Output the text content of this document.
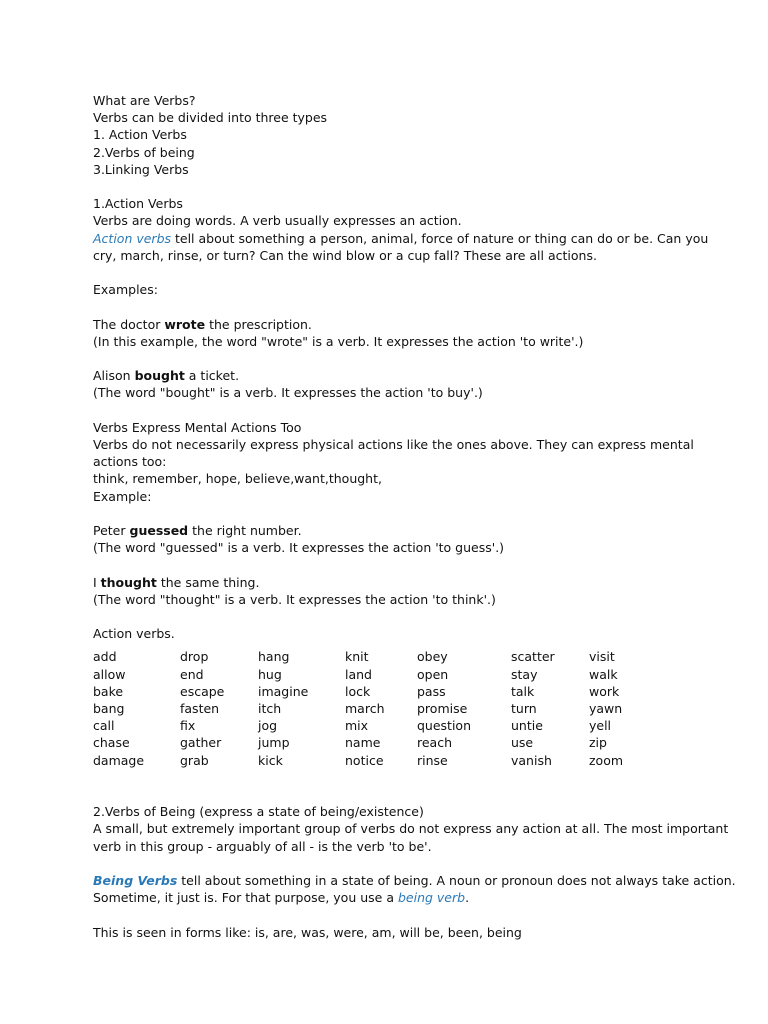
What are Verbs?
Verbs can be divided into three types
1. Action Verbs
2.Verbs of being
3.Linking Verbs
1.Action Verbs
Verbs are doing words. A verb usually expresses an action.
Action verbs tell about something a person, animal, force of nature or thing can do or be. Can you
cry, march, rinse, or turn? Can the wind blow or a cup fall? These are all actions.
Examples:
The doctor wrote the prescription.
(In this example, the word "wrote" is a verb. It expresses the action 'to write'.)
Alison bought a ticket.
(The word "bought" is a verb. It expresses the action 'to buy'.)
Verbs Express Mental Actions Too
Verbs do not necessarily express physical actions like the ones above. They can express mental
actions too:
think, remember, hope, believe,want,thought,
Example:
Peter guessed the right number.
(The word "guessed" is a verb. It expresses the action 'to guess'.)
I thought the same thing.
(The word "thought" is a verb. It expresses the action 'to think'.)
Action verbs.
add	drop	hang	knit	obey	scatter	visit
allow	end	hug	land	open	stay	walk
bake	escape	imagine	lock	pass	talk	work
bang	fasten	itch	march	promise	turn	yawn
call	fix	jog	mix	question	untie	yell
chase	gather	jump	name	reach	use	zip
damage	grab	kick	notice	rinse	vanish	zoom
2.Verbs of Being (express a state of being/existence)
A small, but extremely important group of verbs do not express any action at all. The most important
verb in this group - arguably of all - is the verb 'to be'.
Being Verbs tell about something in a state of being. A noun or pronoun does not always take action.
Sometime, it just is. For that purpose, you use a being verb.
This is seen in forms like: is, are, was, were, am, will be, been, being
